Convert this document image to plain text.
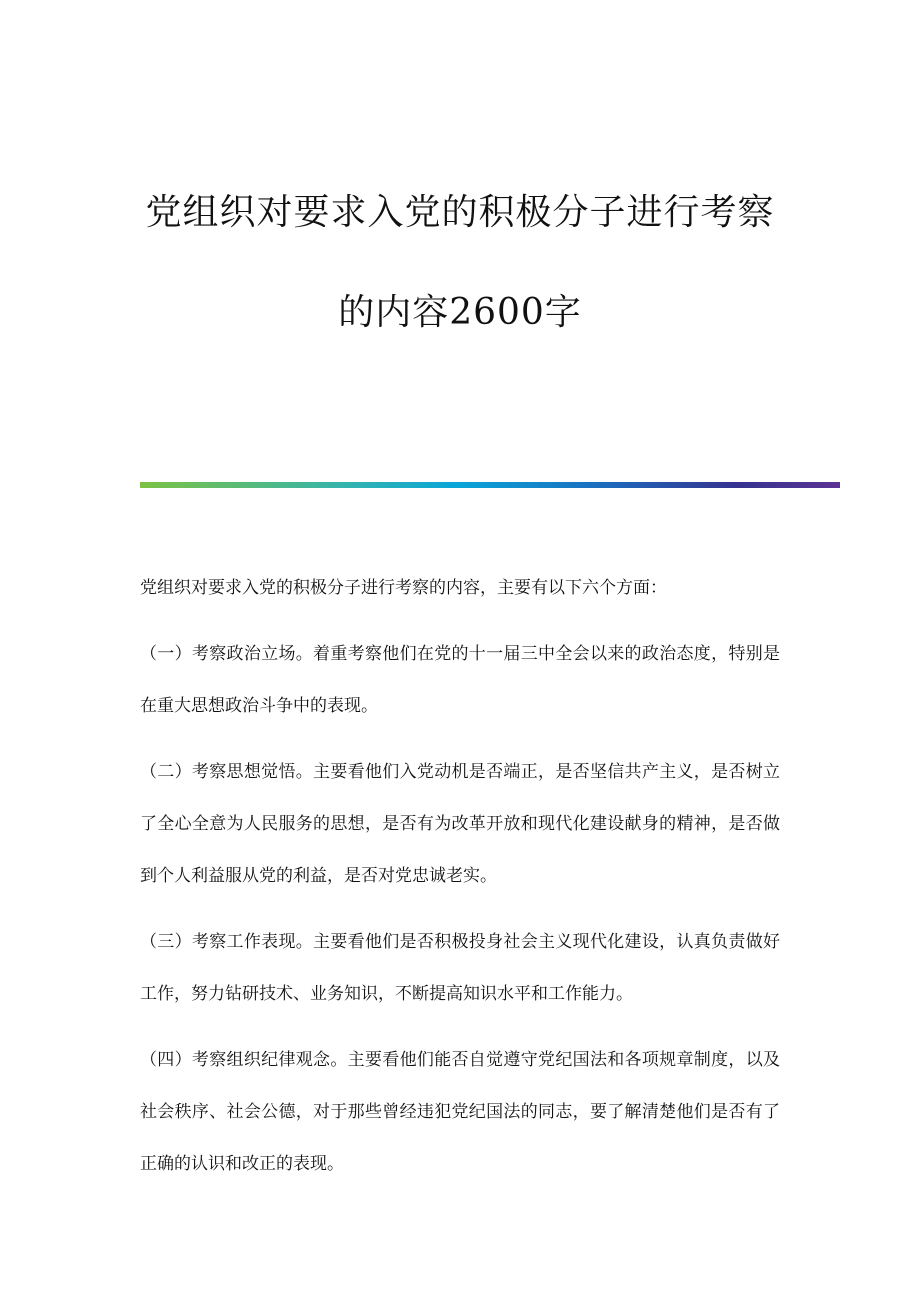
党组织对要求入党的积极分子进行考察

的内容2600字

党组织对要求入党的积极分子进行考察的内容，主要有以下六个方面：

（一）考察政治立场。着重考察他们在党的十一届三中全会以来的政治态度，特别是在重大思想政治斗争中的表现。

（二）考察思想觉悟。主要看他们入党动机是否端正，是否坚信共产主义，是否树立了全心全意为人民服务的思想，是否有为改革开放和现代化建设献身的精神，是否做到个人利益服从党的利益，是否对党忠诚老实。

（三）考察工作表现。主要看他们是否积极投身社会主义现代化建设，认真负责做好工作，努力钻研技术、业务知识，不断提高知识水平和工作能力。

（四）考察组织纪律观念。主要看他们能否自觉遵守党纪国法和各项规章制度，以及社会秩序、社会公德，对于那些曾经违犯党纪国法的同志，要了解清楚他们是否有了正确的认识和改正的表现。
